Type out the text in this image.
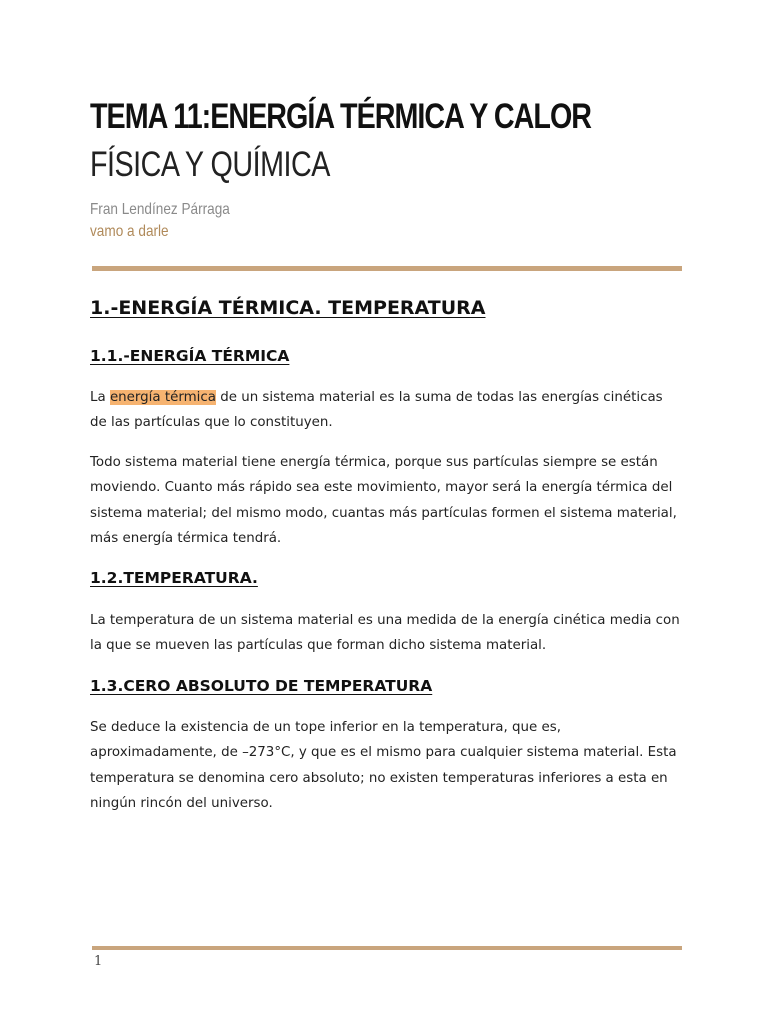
TEMA 11:ENERGÍA TÉRMICA Y CALOR
FÍSICA Y QUÍMICA
Fran Lendínez Párraga
vamo a darle
1.-ENERGÍA TÉRMICA. TEMPERATURA
1.1.-ENERGÍA TÉRMICA

La energía térmica de un sistema material es la suma de todas las energías cinéticas de las partículas que lo constituyen.

Todo sistema material tiene energía térmica, porque sus partículas siempre se están moviendo. Cuanto más rápido sea este movimiento, mayor será la energía térmica del sistema material; del mismo modo, cuantas más partículas formen el sistema material, más energía térmica tendrá.

1.2.TEMPERATURA.

La temperatura de un sistema material es una medida de la energía cinética media con la que se mueven las partículas que forman dicho sistema material.

1.3.CERO ABSOLUTO DE TEMPERATURA

Se deduce la existencia de un tope inferior en la temperatura, que es, aproximadamente, de –273°C, y que es el mismo para cualquier sistema material. Esta temperatura se denomina cero absoluto; no existen temperaturas inferiores a esta en ningún rincón del universo.

1
